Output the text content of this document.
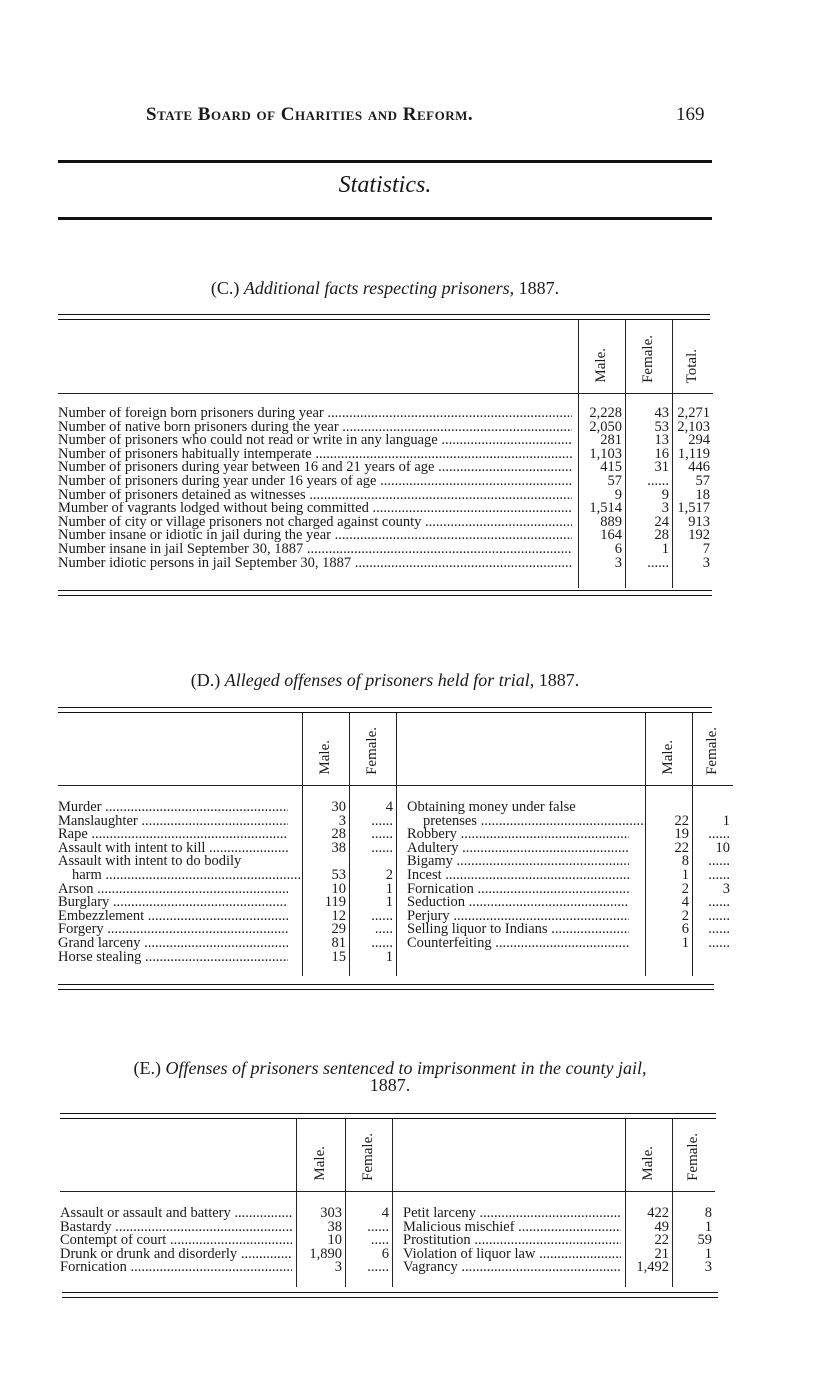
State Board of Charities and Reform.	169
Statistics.
(C.) Additional facts respecting prisoners, 1887.
	Male.	Female.	Total.

Number of foreign born prisoners during year .....	2,228	43	2,271

Number of native born prisoners during the year .....	2,050	53	2,103

Number of prisoners who could not read or write in any language .....	281	13	294

Number of prisoners habitually intemperate .....	1,103	16	1,119

Number of prisoners during year between 16 and 21 years of age .....	415	31	446

Number of prisoners during year under 16 years of age .....	57	......	57

Number of prisoners detained as witnesses .....	9	9	18

Mumber of vagrants lodged without being committed .....	1,514	3	1,517

Number of city or village prisoners not charged against county .....	889	24	913

Number insane or idiotic in jail during the year .....	164	28	192

Number insane in jail September 30, 1887 .....	6	1	7

Number idiotic persons in jail September 30, 1887 .....	3	......	3

(D.) Alleged offenses of prisoners held for trial, 1887.
	Male.	Female.		Male.	Female.

Murder .....	30	4	Obtaining money under false		

Manslaughter .....	3	......	pretenses .....	22	1

Rape .....	28	......	Robbery .....	19	......

Assault with intent to kill .....	38	......	Adultery .....	22	10

Assault with intent to do bodily			Bigamy .....	8	......

harm .....	53	2	Incest .....	1	......

Arson .....	10	1	Fornication .....	2	3

Burglary .....	119	1	Seduction .....	4	......

Embezzlement .....	12	......	Perjury .....	2	......

Forgery .....	29	.....	Selling liquor to Indians .....	6	......

Grand larceny .....	81	......	Counterfeiting .....	1	......

Horse stealing .....	15	1	

(E.) Offenses of prisoners sentenced to imprisonment in the county jail,
1887.
	Male.	Female.		Male.	Female.

Assault or assault and battery .....	303	4	Petit larceny .....	422	8

Bastardy .....	38	......	Malicious mischief .....	49	1

Contempt of court .....	10	.....	Prostitution .....	22	59

Drunk or drunk and disorderly .....	1,890	6	Violation of liquor law .....	21	1

Fornication .....	3	......	Vagrancy .....	1,492	3
